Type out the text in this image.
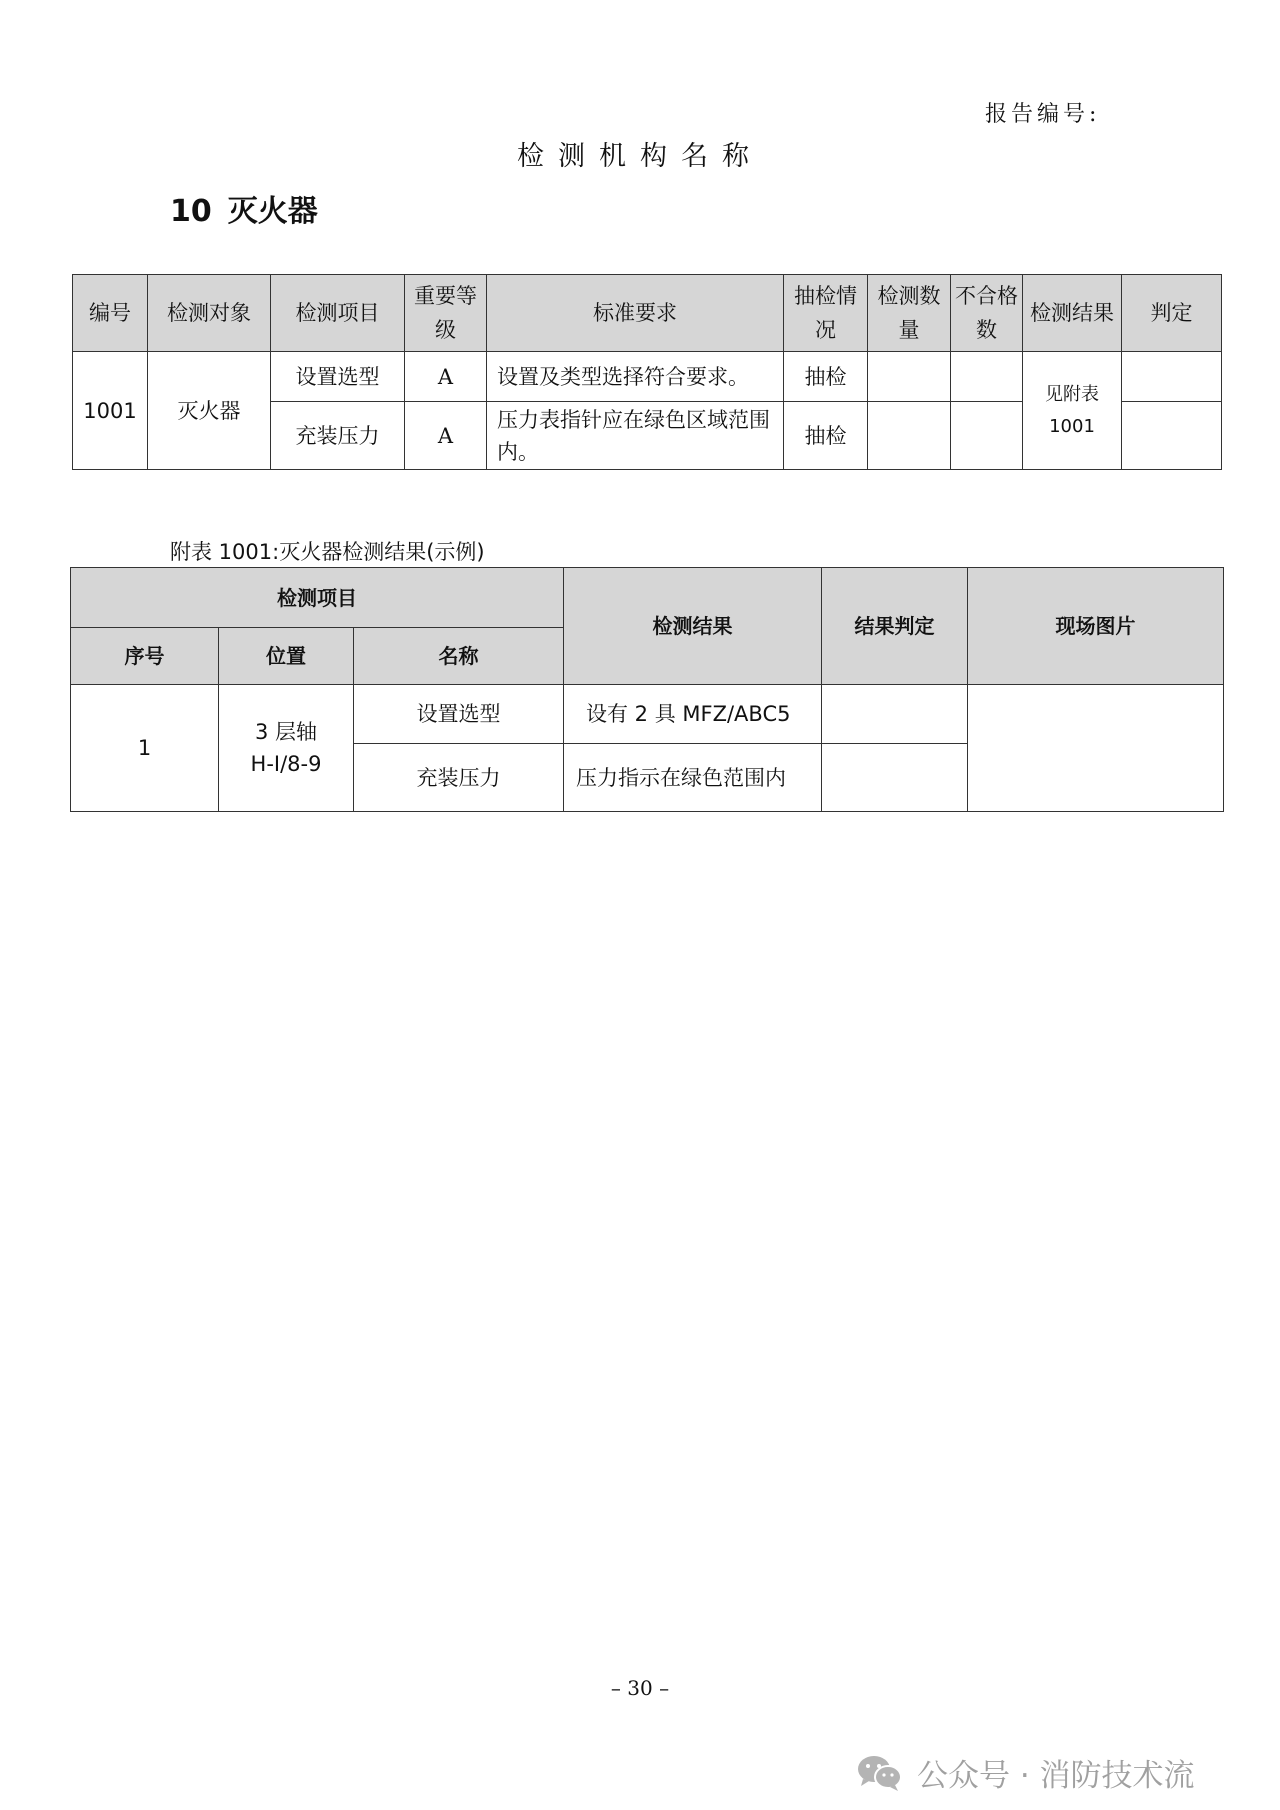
报告编号:
检测机构名称
10 灭火器
编号	检测对象	检测项目	重要等级	标准要求	抽检情况	检测数量	不合格数	检测结果	判定
1001	灭火器	设置选型	A	设置及类型选择符合要求。	抽检			见附表 1001	
		充装压力	A	压力表指针应在绿色区域范围内。	抽检				
附表 1001:灭火器检测结果(示例)
检测项目			检测结果	结果判定	现场图片
序号	位置	名称			
1	3 层轴 H-I/8-9	设置选型	设有 2 具 MFZ/ABC5		
		充装压力	压力指示在绿色范围内		
– 30 –
公众号 · 消防技术流
